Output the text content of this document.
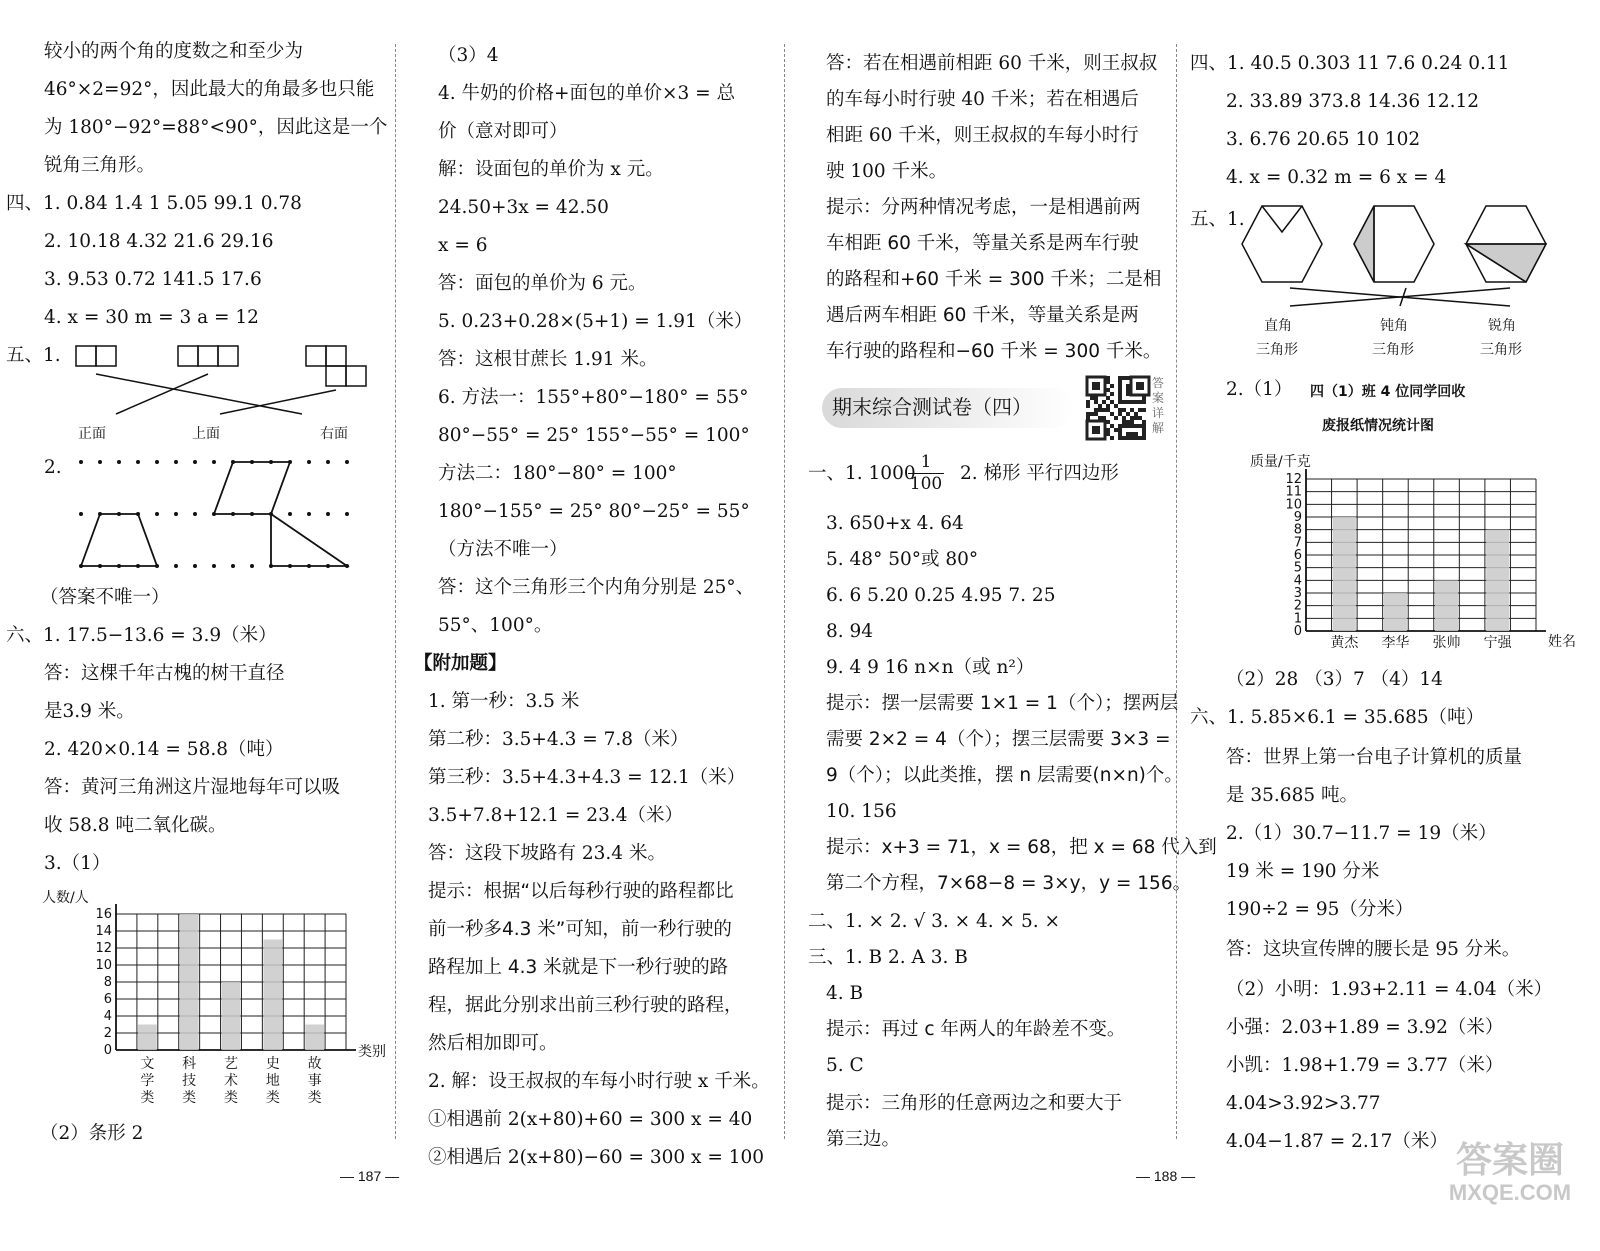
较小的两个角的度数之和至少为
46°×2=92°，因此最大的角最多也只能
为 180°−92°=88°<90°，因此这是一个
锐角三角形。
四、1. 0.84 1.4 1 5.05 99.1 0.78
2. 10.18 4.32 21.6 29.16
3. 9.53 0.72 141.5 17.6
4. x = 30 m = 3 a = 12
五、1.
正面	上面	右面
2.
（答案不唯一）
六、1. 17.5−13.6 = 3.9（米）
答：这棵千年古槐的树干直径
是3.9 米。
2. 420×0.14 = 58.8（吨）
答：黄河三角洲这片湿地每年可以吸
收 58.8 吨二氧化碳。
3.（1）
0
2
4
6
8
10
12
14
16
人数/人
类别
文
学
类
科
技
类
艺
术
类
史
地
类
故
事
类
（2）条形 2
（3）4
4. 牛奶的价格+面包的单价×3 = 总
价（意对即可）
解：设面包的单价为 x 元。
24.50+3x = 42.50
x = 6
答：面包的单价为 6 元。
5. 0.23+0.28×(5+1) = 1.91（米）
答：这根甘蔗长 1.91 米。
6. 方法一：155°+80°−180° = 55°
80°−55° = 25° 155°−55° = 100°
方法二：180°−80° = 100°
180°−155° = 25° 80°−25° = 55°
（方法不唯一）
答：这个三角形三个内角分别是 25°、
55°、100°。
【附加题】
1. 第一秒：3.5 米
第二秒：3.5+4.3 = 7.8（米）
第三秒：3.5+4.3+4.3 = 12.1（米）
3.5+7.8+12.1 = 23.4（米）
答：这段下坡路有 23.4 米。
提示：根据“以后每秒行驶的路程都比
前一秒多4.3 米”可知，前一秒行驶的
路程加上 4.3 米就是下一秒行驶的路
程，据此分别求出前三秒行驶的路程，
然后相加即可。
2. 解：设王叔叔的车每小时行驶 x 千米。
①相遇前 2(x+80)+60 = 300 x = 40
②相遇后 2(x+80)−60 = 300 x = 100
答：若在相遇前相距 60 千米，则王叔叔
的车每小时行驶 40 千米；若在相遇后
相距 60 千米，则王叔叔的车每小时行
驶 100 千米。
提示：分两种情况考虑，一是相遇前两
车相距 60 千米，等量关系是两车行驶
的路程和+60 千米 = 300 千米；二是相
遇后两车相距 60 千米，等量关系是两
车行驶的路程和−60 千米 = 300 千米。
期末综合测试卷（四）
答案详解
一、1. 1000
$\frac{1}{100} 2$. 梯形 平行四边形
3. 650+x 4. 64
5. 48° 50°或 80°
6. 6 5.20 0.25 4.95 7. 25
8. 94
9. 4 9 16 n×n（或 n²）
提示：摆一层需要 1×1 = 1（个）；摆两层
需要 2×2 = 4（个）；摆三层需要 3×3 =
9（个）；以此类推，摆 n 层需要(n×n)个。
10. 156
提示：x+3 = 71，x = 68，把 x = 68 代入到
第二个方程，7×68−8 = 3×y，y = 156。
二、1. × 2. √ 3. × 4. × 5. ×
三、1. B 2. A 3. B
4. B
提示：再过 c 年两人的年龄差不变。
5. C
提示：三角形的任意两边之和要大于
第三边。
四、1. 40.5 0.303 11 7.6 0.24 0.11
2. 33.89 373.8 14.36 12.12
3. 6.76 20.65 10 102
4. x = 0.32 m = 6 x = 4
五、1.
直角
三角形
钝角
三角形
锐角
三角形
2.（1） 四（1）班 4 位同学回收
废报纸情况统计图
0
1
2
3
4
5
6
7
8
9
10
11
12
质量/千克
姓名
黄杰 李华 张帅 宁强
（2）28 （3）7 （4）14
六、1. 5.85×6.1 = 35.685（吨）
答：世界上第一台电子计算机的质量
是 35.685 吨。
2.（1）30.7−11.7 = 19（米）
19 米 = 190 分米
190÷2 = 95（分米）
答：这块宣传牌的腰长是 95 分米。
（2）小明：1.93+2.11 = 4.04（米）
小强：2.03+1.89 = 3.92（米）
小凯：1.98+1.79 = 3.77（米）
4.04>3.92>3.77
4.04−1.87 = 2.17（米）
— 187 —	— 188 —	答案圈
MXQE.COM
